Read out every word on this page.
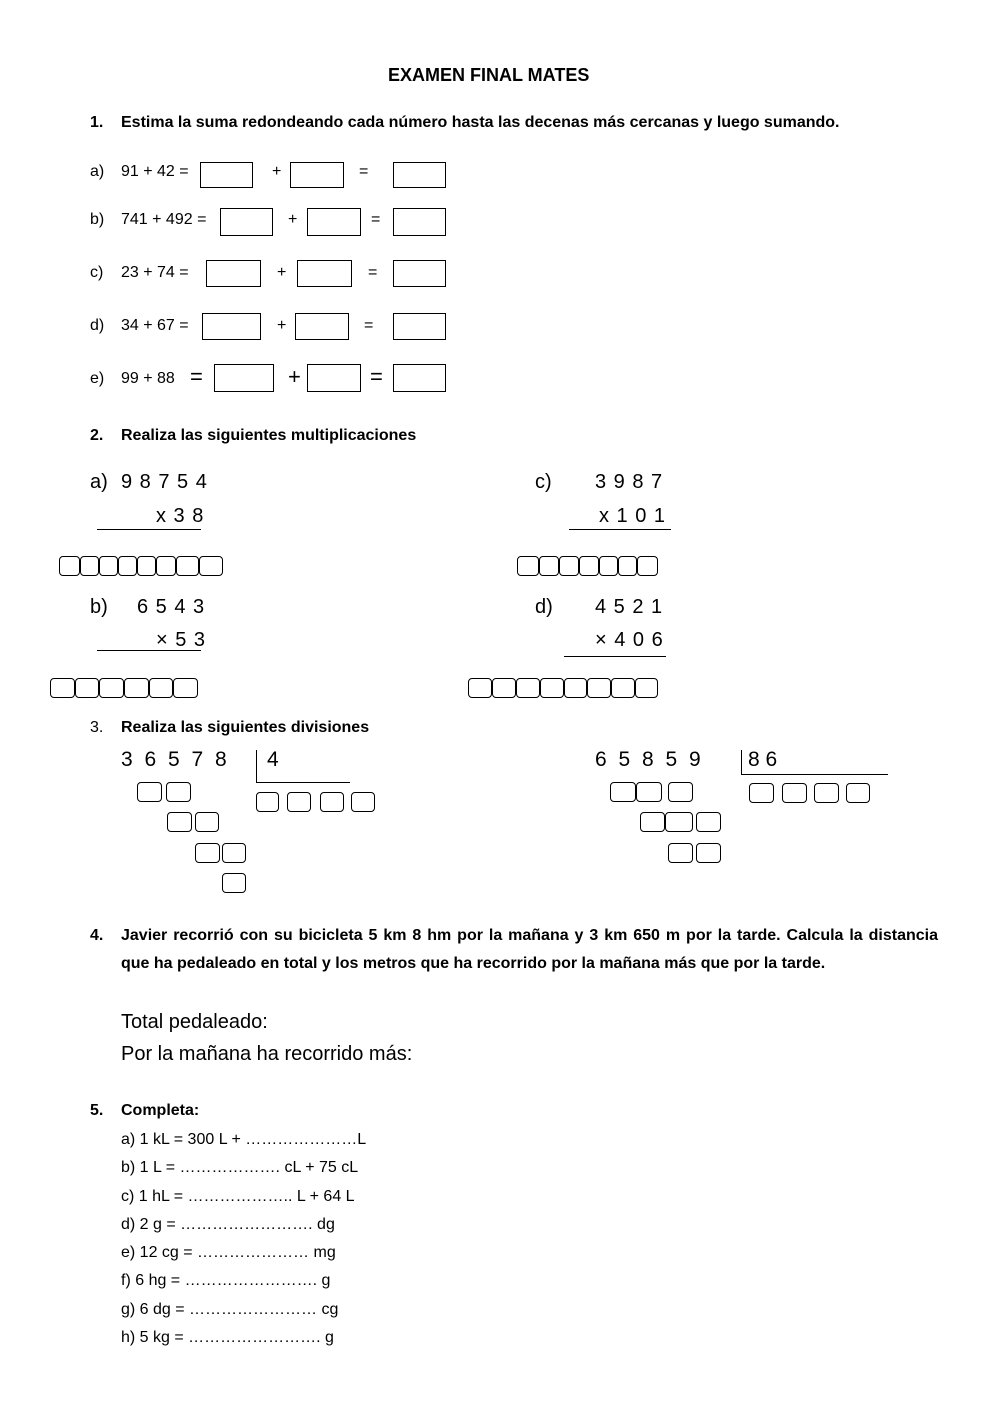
EXAMEN FINAL MATES
1. Estima la suma redondeando cada número hasta las decenas más cercanas y luego sumando.
a) 91 + 42 =	+	=
b) 741 + 492 =	+	=
c) 23 + 74 =	+	=
d) 34 + 67 =	+	=
e) 99 + 88 =	+	=
2. Realiza las siguientes multiplicaciones
a) 9 8 7 5 4
x 3 8
c) 3 9 8 7
x 1 0 1
b) 6 5 4 3
× 5 3
d) 4 5 2 1
× 4 0 6
3. Realiza las siguientes divisiones
3 6 5 7 8 4	6 5 8 5 9 8 6
4. Javier recorrió con su bicicleta 5 km 8 hm por la mañana y 3 km 650 m por la tarde. Calcula la distancia que ha pedaleado en total y los metros que ha recorrido por la mañana más que por la tarde.
Total pedaleado:
Por la mañana ha recorrido más:
5. Completa:
a) 1 kL = 300 L + …………………L
b) 1 L = ………………. cL + 75 cL
c) 1 hL = ……………….. L + 64 L
d) 2 g = ……………………. dg
e) 12 cg = ………………… mg
f) 6 hg = ……………………. g
g) 6 dg = …………………… cg
h) 5 kg = ……………………. g
